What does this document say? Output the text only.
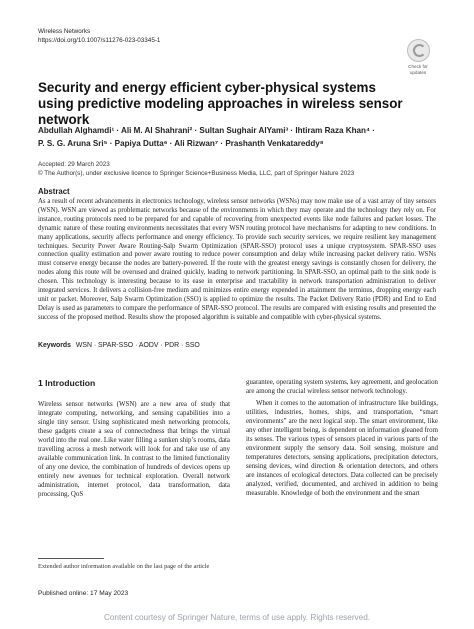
Wireless Networks
https://doi.org/10.1007/s11276-023-03345-1
Check for
updates
Security and energy efficient cyber-physical systems using predictive modeling approaches in wireless sensor network
Abdullah Alghamdi¹ · Ali M. Al Shahrani² · Sultan Sughair AlYami³ · Ihtiram Raza Khan⁴ ·
P. S. G. Aruna Sri⁵ · Papiya Dutta⁶ · Ali Rizwan⁷ · Prashanth Venkatareddy⁸
Accepted: 29 March 2023
© The Author(s), under exclusive licence to Springer Science+Business Media, LLC, part of Springer Nature 2023
Abstract

As a result of recent advancements in electronics technology, wireless sensor networks (WSNs) may now make use of a vast array of tiny sensors (WSN). WSN are viewed as problematic networks because of the environments in which they may operate and the technology they rely on. For instance, routing protocols need to be prepared for and capable of recovering from unexpected events like node failures and packet losses. The dynamic nature of these routing environments necessitates that every WSN routing protocol have mechanisms for adapting to new conditions. In many applications, security affects performance and energy efficiency. To provide such security services, we require resilient key management techniques. Security Power Aware Routing-Salp Swarm Optimization (SPAR-SSO) protocol uses a unique cryptosystem. SPAR-SSO uses connection quality estimation and power aware routing to reduce power consumption and delay while increasing packet delivery ratio. WSNs must conserve energy because the nodes are battery-powered. If the route with the greatest energy savings is constantly chosen for delivery, the nodes along this route will be overused and drained quickly, leading to network partitioning. In SPAR-SSO, an optimal path to the sink node is chosen. This technology is interesting because to its ease in enterprise and tractability in network transportation administration to deliver integrated services. It delivers a collision-free medium and minimizes entire energy expended in attainment the terminus, dropping energy each unit or packet. Moreover, Salp Swarm Optimization (SSO) is applied to optimize the results. The Packet Delivery Ratio (PDR) and End to End Delay is used as parameters to compare the performance of SPAR-SSO protocol. The results are compared with existing results and presented the success of the proposed method. Results show the proposed algorithm is suitable and compatible with cyber-physical systems.

Keywords WSN · SPAR-SSO · AODV · PDR · SSO
1 Introduction

Wireless sensor networks (WSN) are a new area of study that integrate computing, networking, and sensing capabilities into a single tiny sensor. Using sophisticated mesh networking protocols, these gadgets create a sea of connectedness that brings the virtual world into the real one. Like water filling a sunken ship’s rooms, data travelling across a mesh network will look for and take use of any available communication link. In contrast to the limited functionality of any one device, the combination of hundreds of devices opens up entirely new avenues for technical exploration. Overall network administration, internet protocol, data transformation, data processing, QoS

guarantee, operating system systems, key agreement, and geolocation are among the crucial wireless sensor network technology.

When it comes to the automation of infrastructure like buildings, utilities, industries, homes, ships, and transportation, “smart environments” are the next logical step. The smart environment, like any other intelligent being, is dependent on information gleaned from its senses. The various types of sensors placed in various parts of the environment supply the sensory data. Soil sensing, moisture and temperatures detectors, sensing applications, precipitation detectors, sensing devices, wind direction & orientation detectors, and others are instances of ecological detectors. Data collected can be precisely analyzed, verified, documented, and archived in addition to being measurable. Knowledge of both the environment and the smart

Extended author information available on the last page of the article
Published online: 17 May 2023
Content courtesy of Springer Nature, terms of use apply. Rights reserved.
